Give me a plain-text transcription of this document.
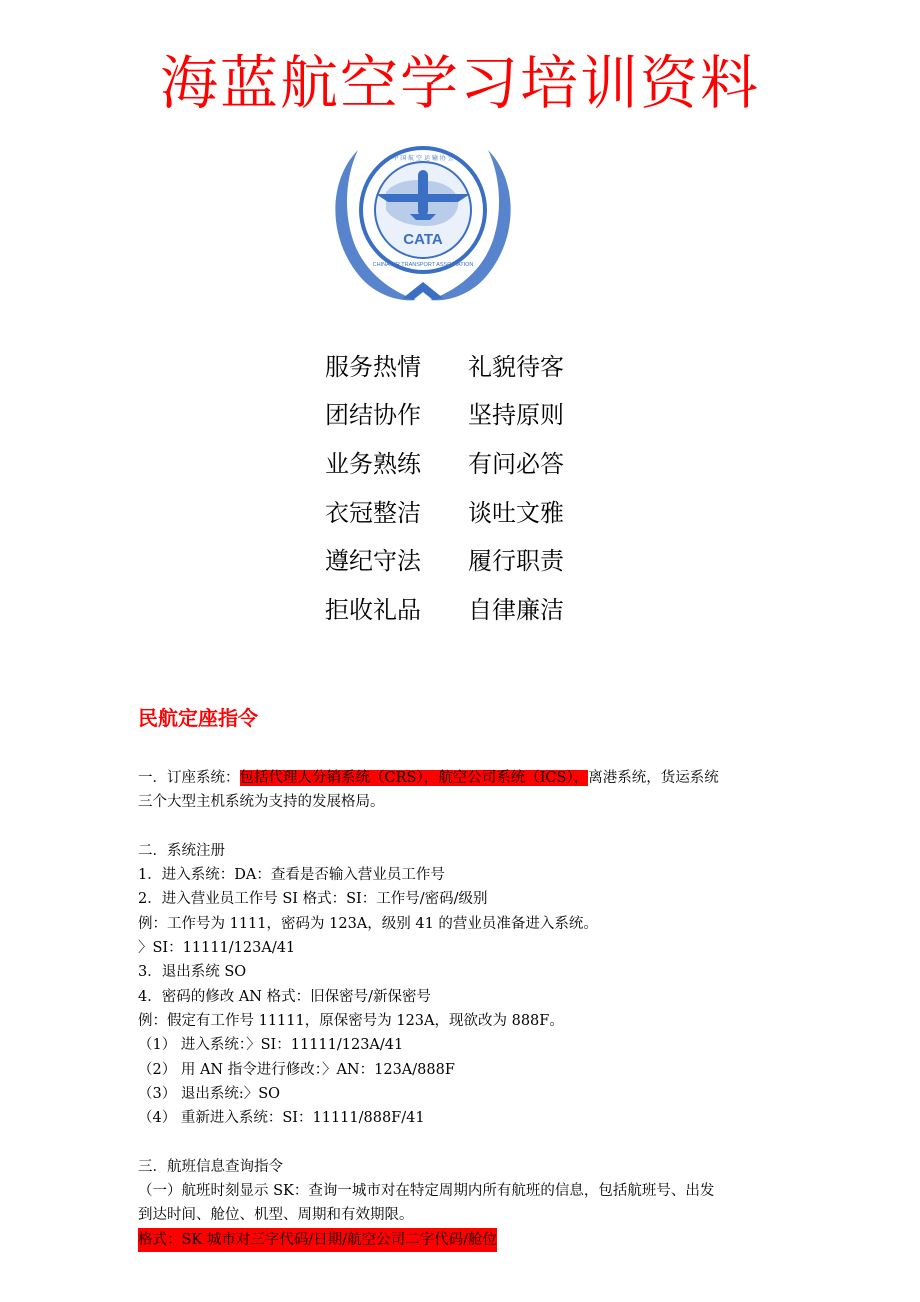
海蓝航空学习培训资料
CATA
中 国 航 空 运 输 协 会
CHINA AIR TRANSPORT ASSOCIATION
服务热情	礼貌待客
团结协作	坚持原则
业务熟练	有问必答
衣冠整洁	谈吐文雅
遵纪守法	履行职责
拒收礼品	自律廉洁
民航定座指令

一．订座系统：包括代理人分销系统（CRS），航空公司系统（ICS），离港系统，货运系统

三个大型主机系统为支持的发展格局。

二．系统注册

1．进入系统：DA：查看是否输入营业员工作号

2．进入营业员工作号 SI 格式：SI：工作号/密码/级别

例：工作号为 1111，密码为 123A，级别 41 的营业员准备进入系统。

〉SI：11111/123A/41

3．退出系统 SO

4．密码的修改 AN 格式：旧保密号/新保密号

例：假定有工作号 11111，原保密号为 123A，现欲改为 888F。

（1） 进入系统：〉SI：11111/123A/41

（2） 用 AN 指令进行修改：〉AN：123A/888F

（3） 退出系统:〉SO

（4） 重新进入系统：SI：11111/888F/41

三．航班信息查询指令

（一）航班时刻显示 SK：查询一城市对在特定周期内所有航班的信息，包括航班号、出发

到达时间、舱位、机型、周期和有效期限。

格式：SK 城市对三字代码/日期/航空公司二字代码/舱位
